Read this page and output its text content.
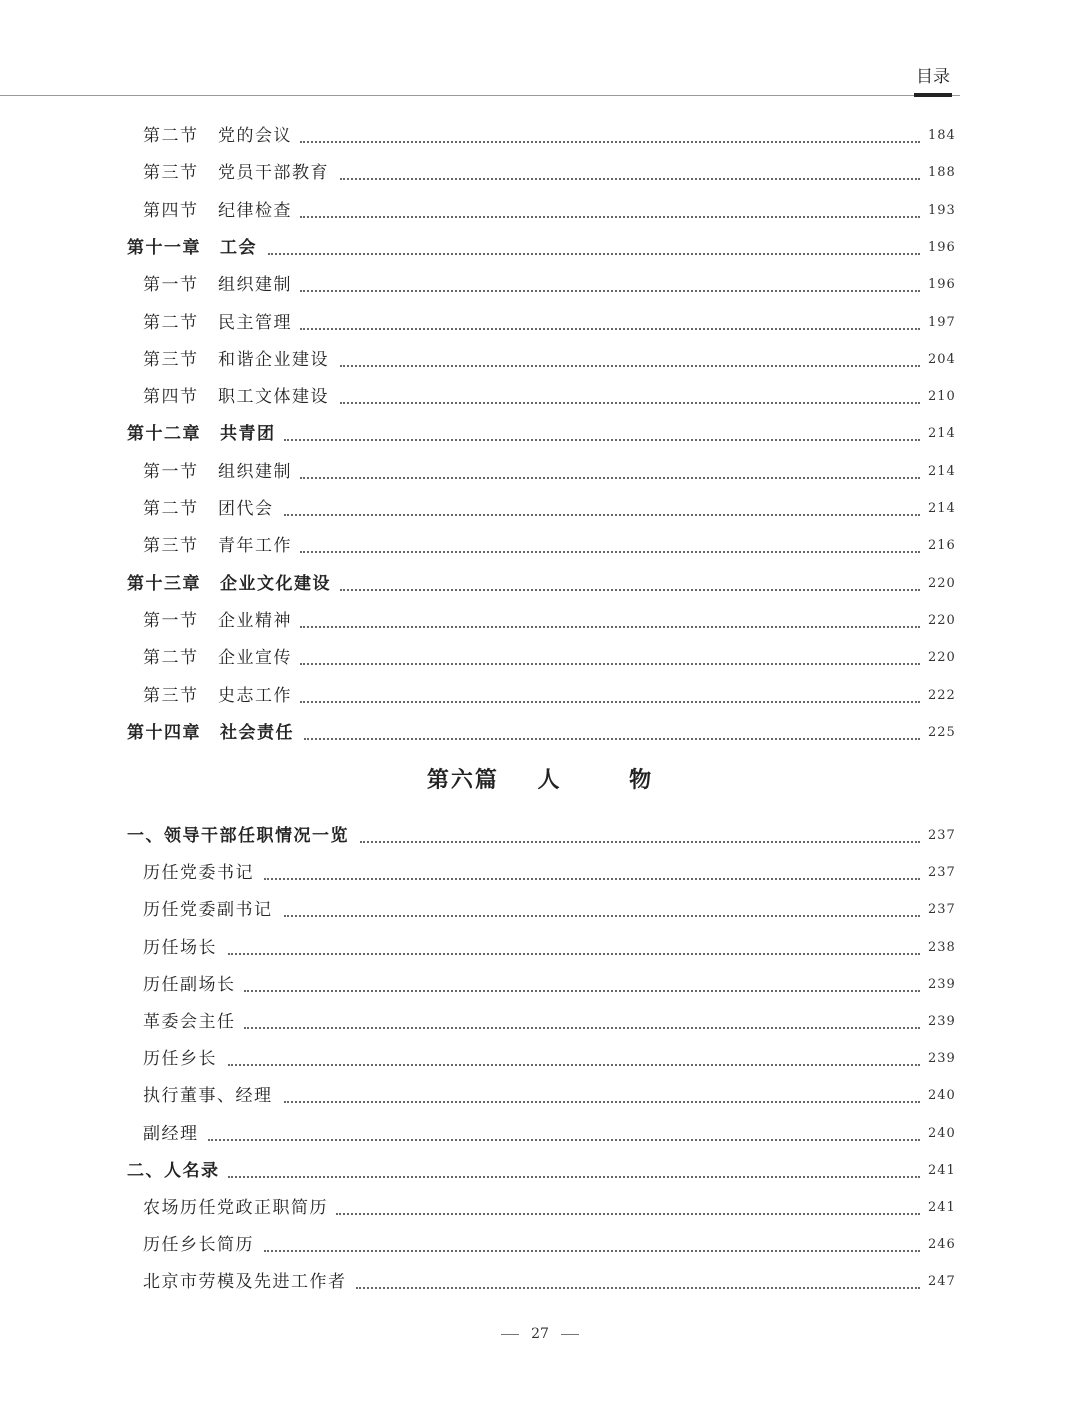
目录
第二节 党的会议	184
第三节 党员干部教育	188
第四节 纪律检查	193
第十一章 工会	196
第一节 组织建制	196
第二节 民主管理	197
第三节 和谐企业建设	204
第四节 职工文体建设	210
第十二章 共青团	214
第一节 组织建制	214
第二节 团代会	214
第三节 青年工作	216
第十三章 企业文化建设	220
第一节 企业精神	220
第二节 企业宣传	220
第三节 史志工作	222
第十四章 社会责任	225
第六篇 人	物
一、领导干部任职情况一览	237
历任党委书记	237
历任党委副书记	237
历任场长	238
历任副场长	239
革委会主任	239
历任乡长	239
执行董事、经理	240
副经理	240
二、人名录	241
农场历任党政正职简历	241
历任乡长简历	246
北京市劳模及先进工作者	247
27
